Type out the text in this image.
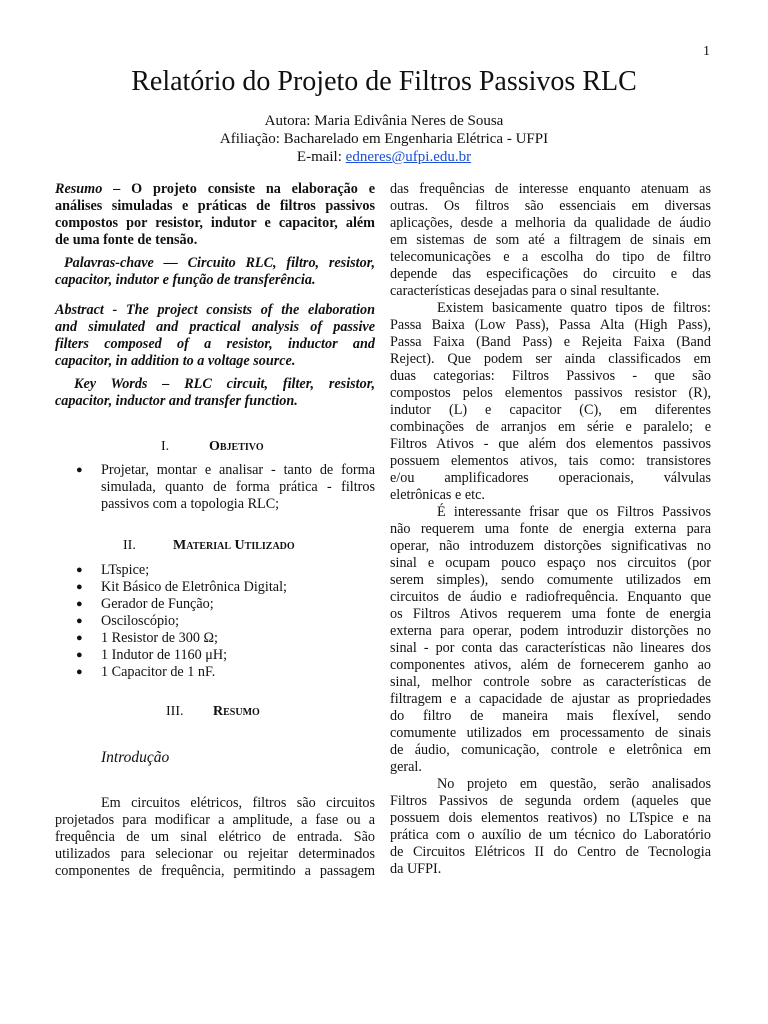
1
Relatório do Projeto de Filtros Passivos RLC
Autora: Maria Edivânia Neres de Sousa
Afiliação: Bacharelado em Engenharia Elétrica - UFPI
E-mail: edneres@ufpi.edu.br
Resumo – O projeto consiste na elaboração e
análises simuladas e práticas de filtros passivos
compostos por resistor, indutor e capacitor, além
de uma fonte de tensão.
Palavras-chave — Circuito RLC, filtro, resistor,
capacitor, indutor e função de transferência.
Abstract - The project consists of the elaboration
and simulated and practical analysis of passive
filters composed of a resistor, inductor and
capacitor, in addition to a voltage source.
Key Words – RLC circuit, filter, resistor,
capacitor, inductor and transfer function.
I.	Objetivo
● Projetar, montar e analisar - tanto de forma
simulada, quanto de forma prática - filtros
passivos com a topologia RLC;
II.	Material Utilizado
● LTspice;
● Kit Básico de Eletrônica Digital;
● Gerador de Função;
● Osciloscópio;
● 1 Resistor de 300 Ω;
● 1 Indutor de 1160 μH;
● 1 Capacitor de 1 nF.
III. Resumo
Introdução
Em circuitos elétricos, filtros são circuitos
projetados para modificar a amplitude, a fase ou a
frequência de um sinal elétrico de entrada. São
utilizados para selecionar ou rejeitar determinados
componentes de frequência, permitindo a passagem
das frequências de interesse enquanto atenuam as
outras. Os filtros são essenciais em diversas
aplicações, desde a melhoria da qualidade de áudio
em sistemas de som até a filtragem de sinais em
telecomunicações e a escolha do tipo de filtro
depende das especificações do circuito e das
características desejadas para o sinal resultante.
Existem basicamente quatro tipos de filtros:
Passa Baixa (Low Pass), Passa Alta (High Pass),
Passa Faixa (Band Pass) e Rejeita Faixa (Band
Reject). Que podem ser ainda classificados em
duas categorias: Filtros Passivos - que são
compostos pelos elementos passivos resistor (R),
indutor (L) e capacitor (C), em diferentes
combinações de arranjos em série e paralelo; e
Filtros Ativos - que além dos elementos passivos
possuem elementos ativos, tais como: transistores
e/ou amplificadores operacionais, válvulas
eletrônicas e etc.
É interessante frisar que os Filtros Passivos
não requerem uma fonte de energia externa para
operar, não introduzem distorções significativas no
sinal e ocupam pouco espaço nos circuitos (por
serem simples), sendo comumente utilizados em
circuitos de áudio e radiofrequência. Enquanto que
os Filtros Ativos requerem uma fonte de energia
externa para operar, podem introduzir distorções no
sinal - por conta das características não lineares dos
componentes ativos, além de fornecerem ganho ao
sinal, melhor controle sobre as características de
filtragem e a capacidade de ajustar as propriedades
do filtro de maneira mais flexível, sendo
comumente utilizados em processamento de sinais
de áudio, comunicação, controle e eletrônica em
geral.
No projeto em questão, serão analisados
Filtros Passivos de segunda ordem (aqueles que
possuem dois elementos reativos) no LTspice e na
prática com o auxílio de um técnico do Laboratório
de Circuitos Elétricos II do Centro de Tecnologia
da UFPI.
